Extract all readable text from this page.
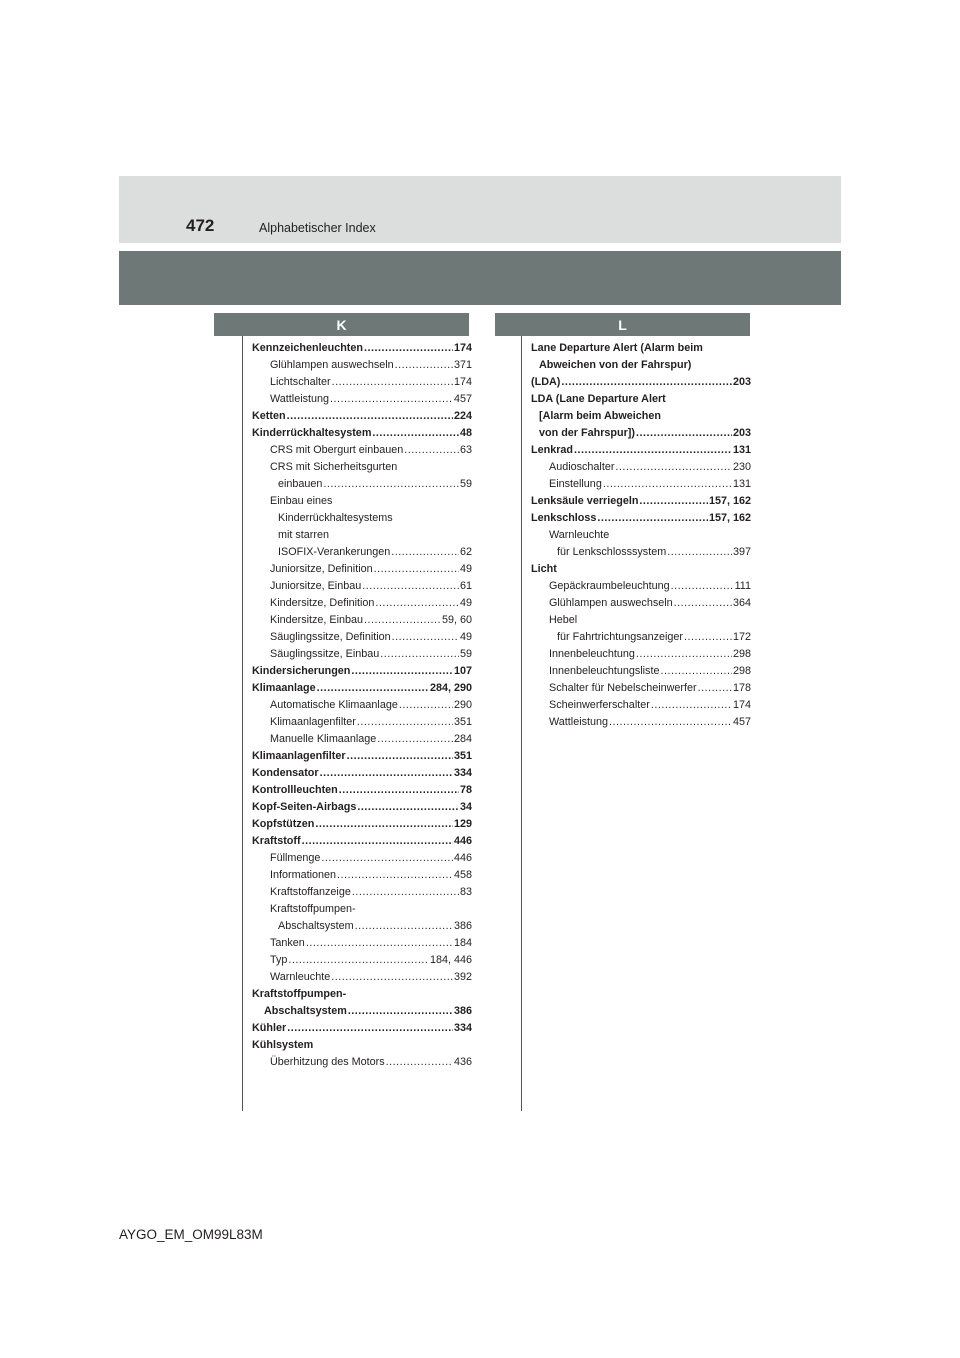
472	Alphabetischer Index
K	L
Kennzeichenleuchten .....	174
Glühlampen auswechseln .....	371
Lichtschalter .....	174
Wattleistung .....	457
Ketten .....	224
Kinderrückhaltesystem .....	48
CRS mit Obergurt einbauen .....	63
CRS mit Sicherheitsgurten
einbauen .....	59
Einbau eines
Kinderrückhaltesystems
mit starren
ISOFIX-Verankerungen .....	62
Juniorsitze, Definition .....	49
Juniorsitze, Einbau .....	61
Kindersitze, Definition .....	49
Kindersitze, Einbau .....	59, 60
Säuglingssitze, Definition .....	49
Säuglingssitze, Einbau .....	59
Kindersicherungen .....	107
Klimaanlage .....	284, 290
Automatische Klimaanlage .....	290
Klimaanlagenfilter .....	351
Manuelle Klimaanlage .....	284
Klimaanlagenfilter .....	351
Kondensator .....	334
Kontrollleuchten .....	78
Kopf-Seiten-Airbags .....	34
Kopfstützen .....	129
Kraftstoff .....	446
Füllmenge .....	446
Informationen .....	458
Kraftstoffanzeige .....	83
Kraftstoffpumpen-
Abschaltsystem .....	386
Tanken .....	184
Typ .....	184, 446
Warnleuchte .....	392
Kraftstoffpumpen-
Abschaltsystem .....	386
Kühler .....	334
Kühlsystem
Überhitzung des Motors .....	436
Lane Departure Alert (Alarm beim
Abweichen von der Fahrspur)
(LDA) .....	203
LDA (Lane Departure Alert
[Alarm beim Abweichen
von der Fahrspur]) .....	203
Lenkrad .....	131
Audioschalter .....	230
Einstellung .....	131
Lenksäule verriegeln .....	157, 162
Lenkschloss .....	157, 162
Warnleuchte
für Lenkschlosssystem .....	397
Licht
Gepäckraumbeleuchtung .....	111
Glühlampen auswechseln .....	364
Hebel
für Fahrtrichtungsanzeiger .....	172
Innenbeleuchtung .....	298
Innenbeleuchtungsliste .....	298
Schalter für Nebelscheinwerfer .....	178
Scheinwerferschalter .....	174
Wattleistung .....	457
AYGO_EM_OM99L83M
